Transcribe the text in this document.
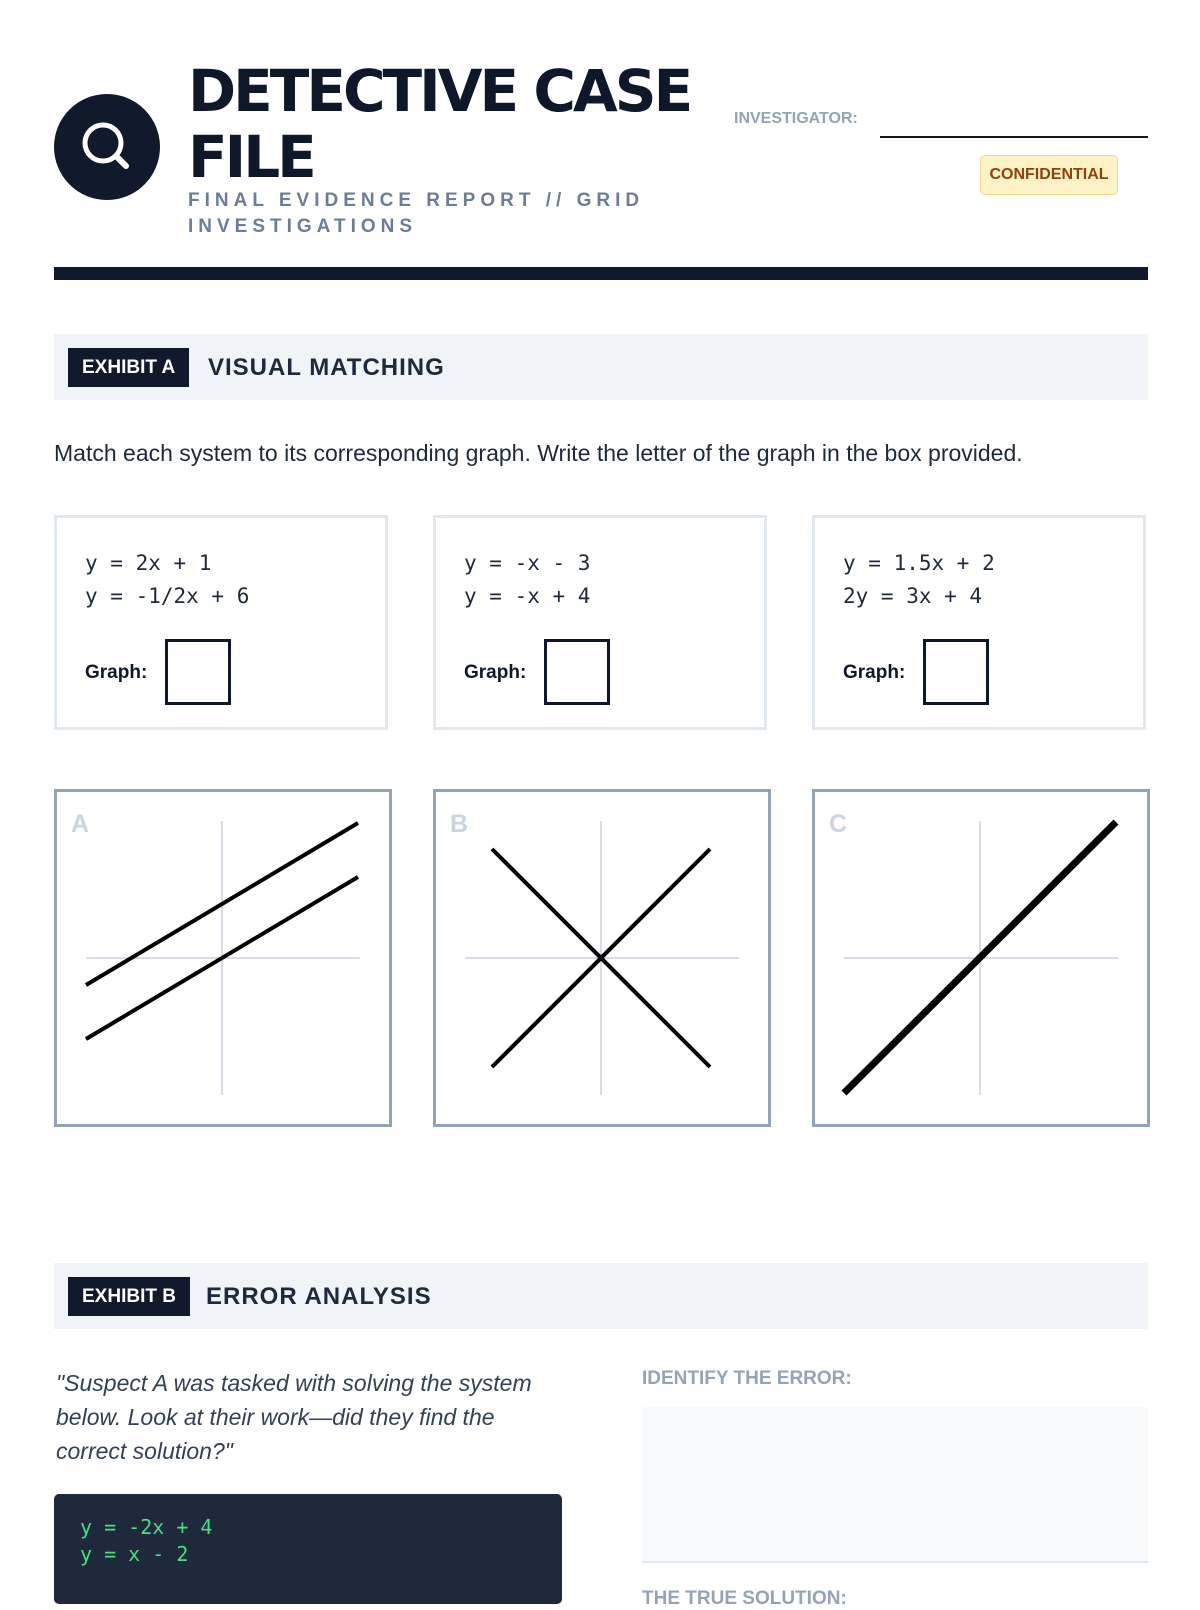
DETECTIVE CASE FILE
FINAL EVIDENCE REPORT // GRID INVESTIGATIONS
INVESTIGATOR:
CONFIDENTIAL
EXHIBIT A	VISUAL MATCHING
Match each system to its corresponding graph. Write the letter of the graph in the box provided.
y = 2x + 1
y = -1/2x + 6
Graph:
y = -x - 3
y = -x + 4
Graph:
y = 1.5x + 2
2y = 3x + 4
Graph:
A	B	C
EXHIBIT B	ERROR ANALYSIS
"Suspect A was tasked with solving the system below. Look at their work—did they find the correct solution?"
y = -2x + 4
y = x - 2
IDENTIFY THE ERROR:
THE TRUE SOLUTION:
